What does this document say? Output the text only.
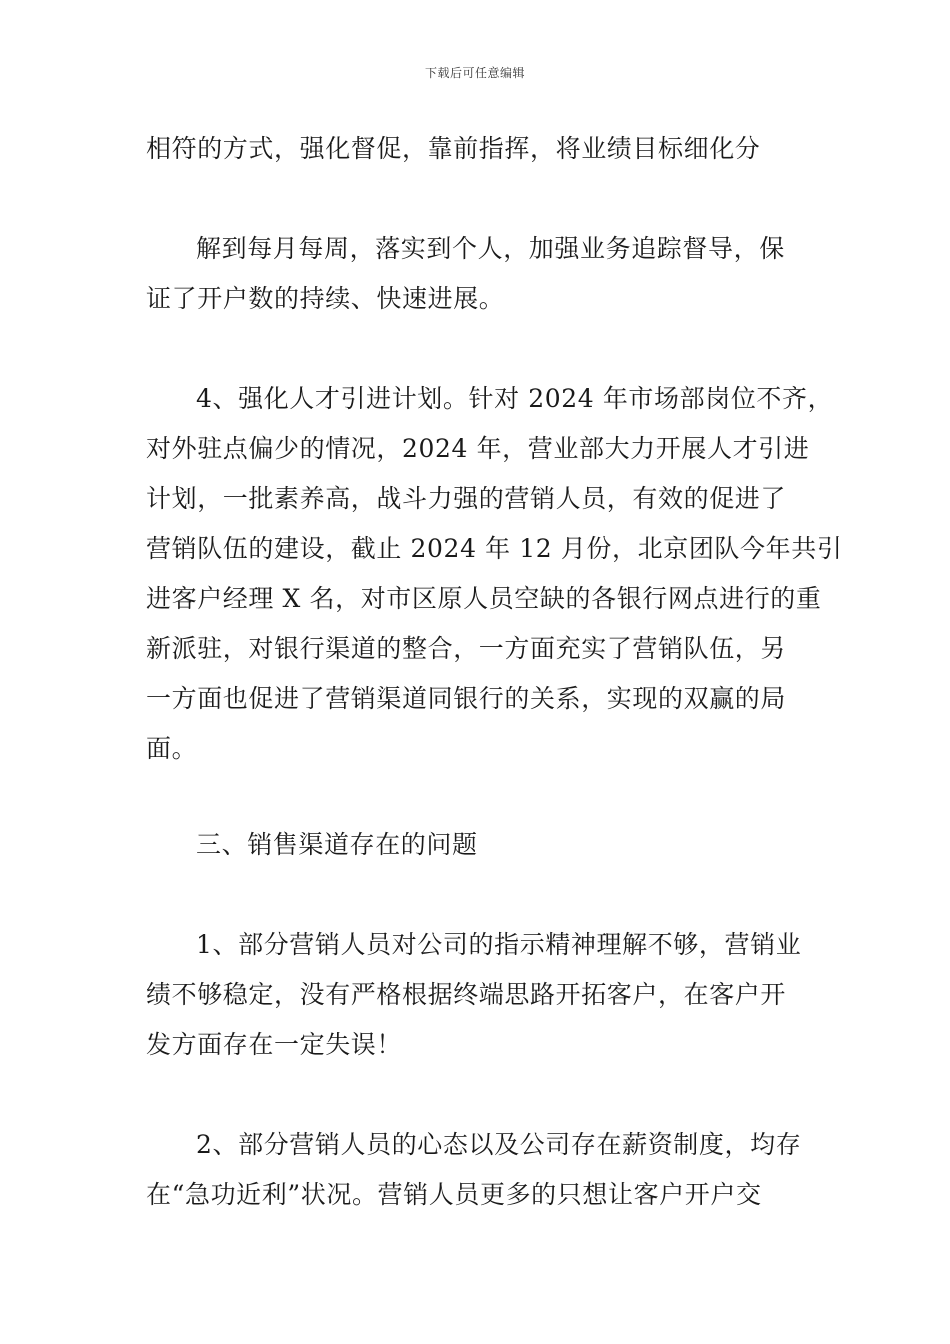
下载后可任意编辑
相符的方式，强化督促，靠前指挥，将业绩目标细化分
解到每月每周，落实到个人，加强业务追踪督导，保
证了开户数的持续、快速进展。
4、强化人才引进计划。针对 2024 年市场部岗位不齐，
对外驻点偏少的情况，2024 年，营业部大力开展人才引进
计划，一批素养高，战斗力强的营销人员，有效的促进了
营销队伍的建设，截止 2024 年 12 月份，北京团队今年共引
进客户经理 X 名，对市区原人员空缺的各银行网点进行的重
新派驻，对银行渠道的整合，一方面充实了营销队伍，另
一方面也促进了营销渠道同银行的关系，实现的双赢的局
面。
三、销售渠道存在的问题
1、部分营销人员对公司的指示精神理解不够，营销业
绩不够稳定，没有严格根据终端思路开拓客户，在客户开
发方面存在一定失误！
2、部分营销人员的心态以及公司存在薪资制度，均存
在“急功近利”状况。营销人员更多的只想让客户开户交
